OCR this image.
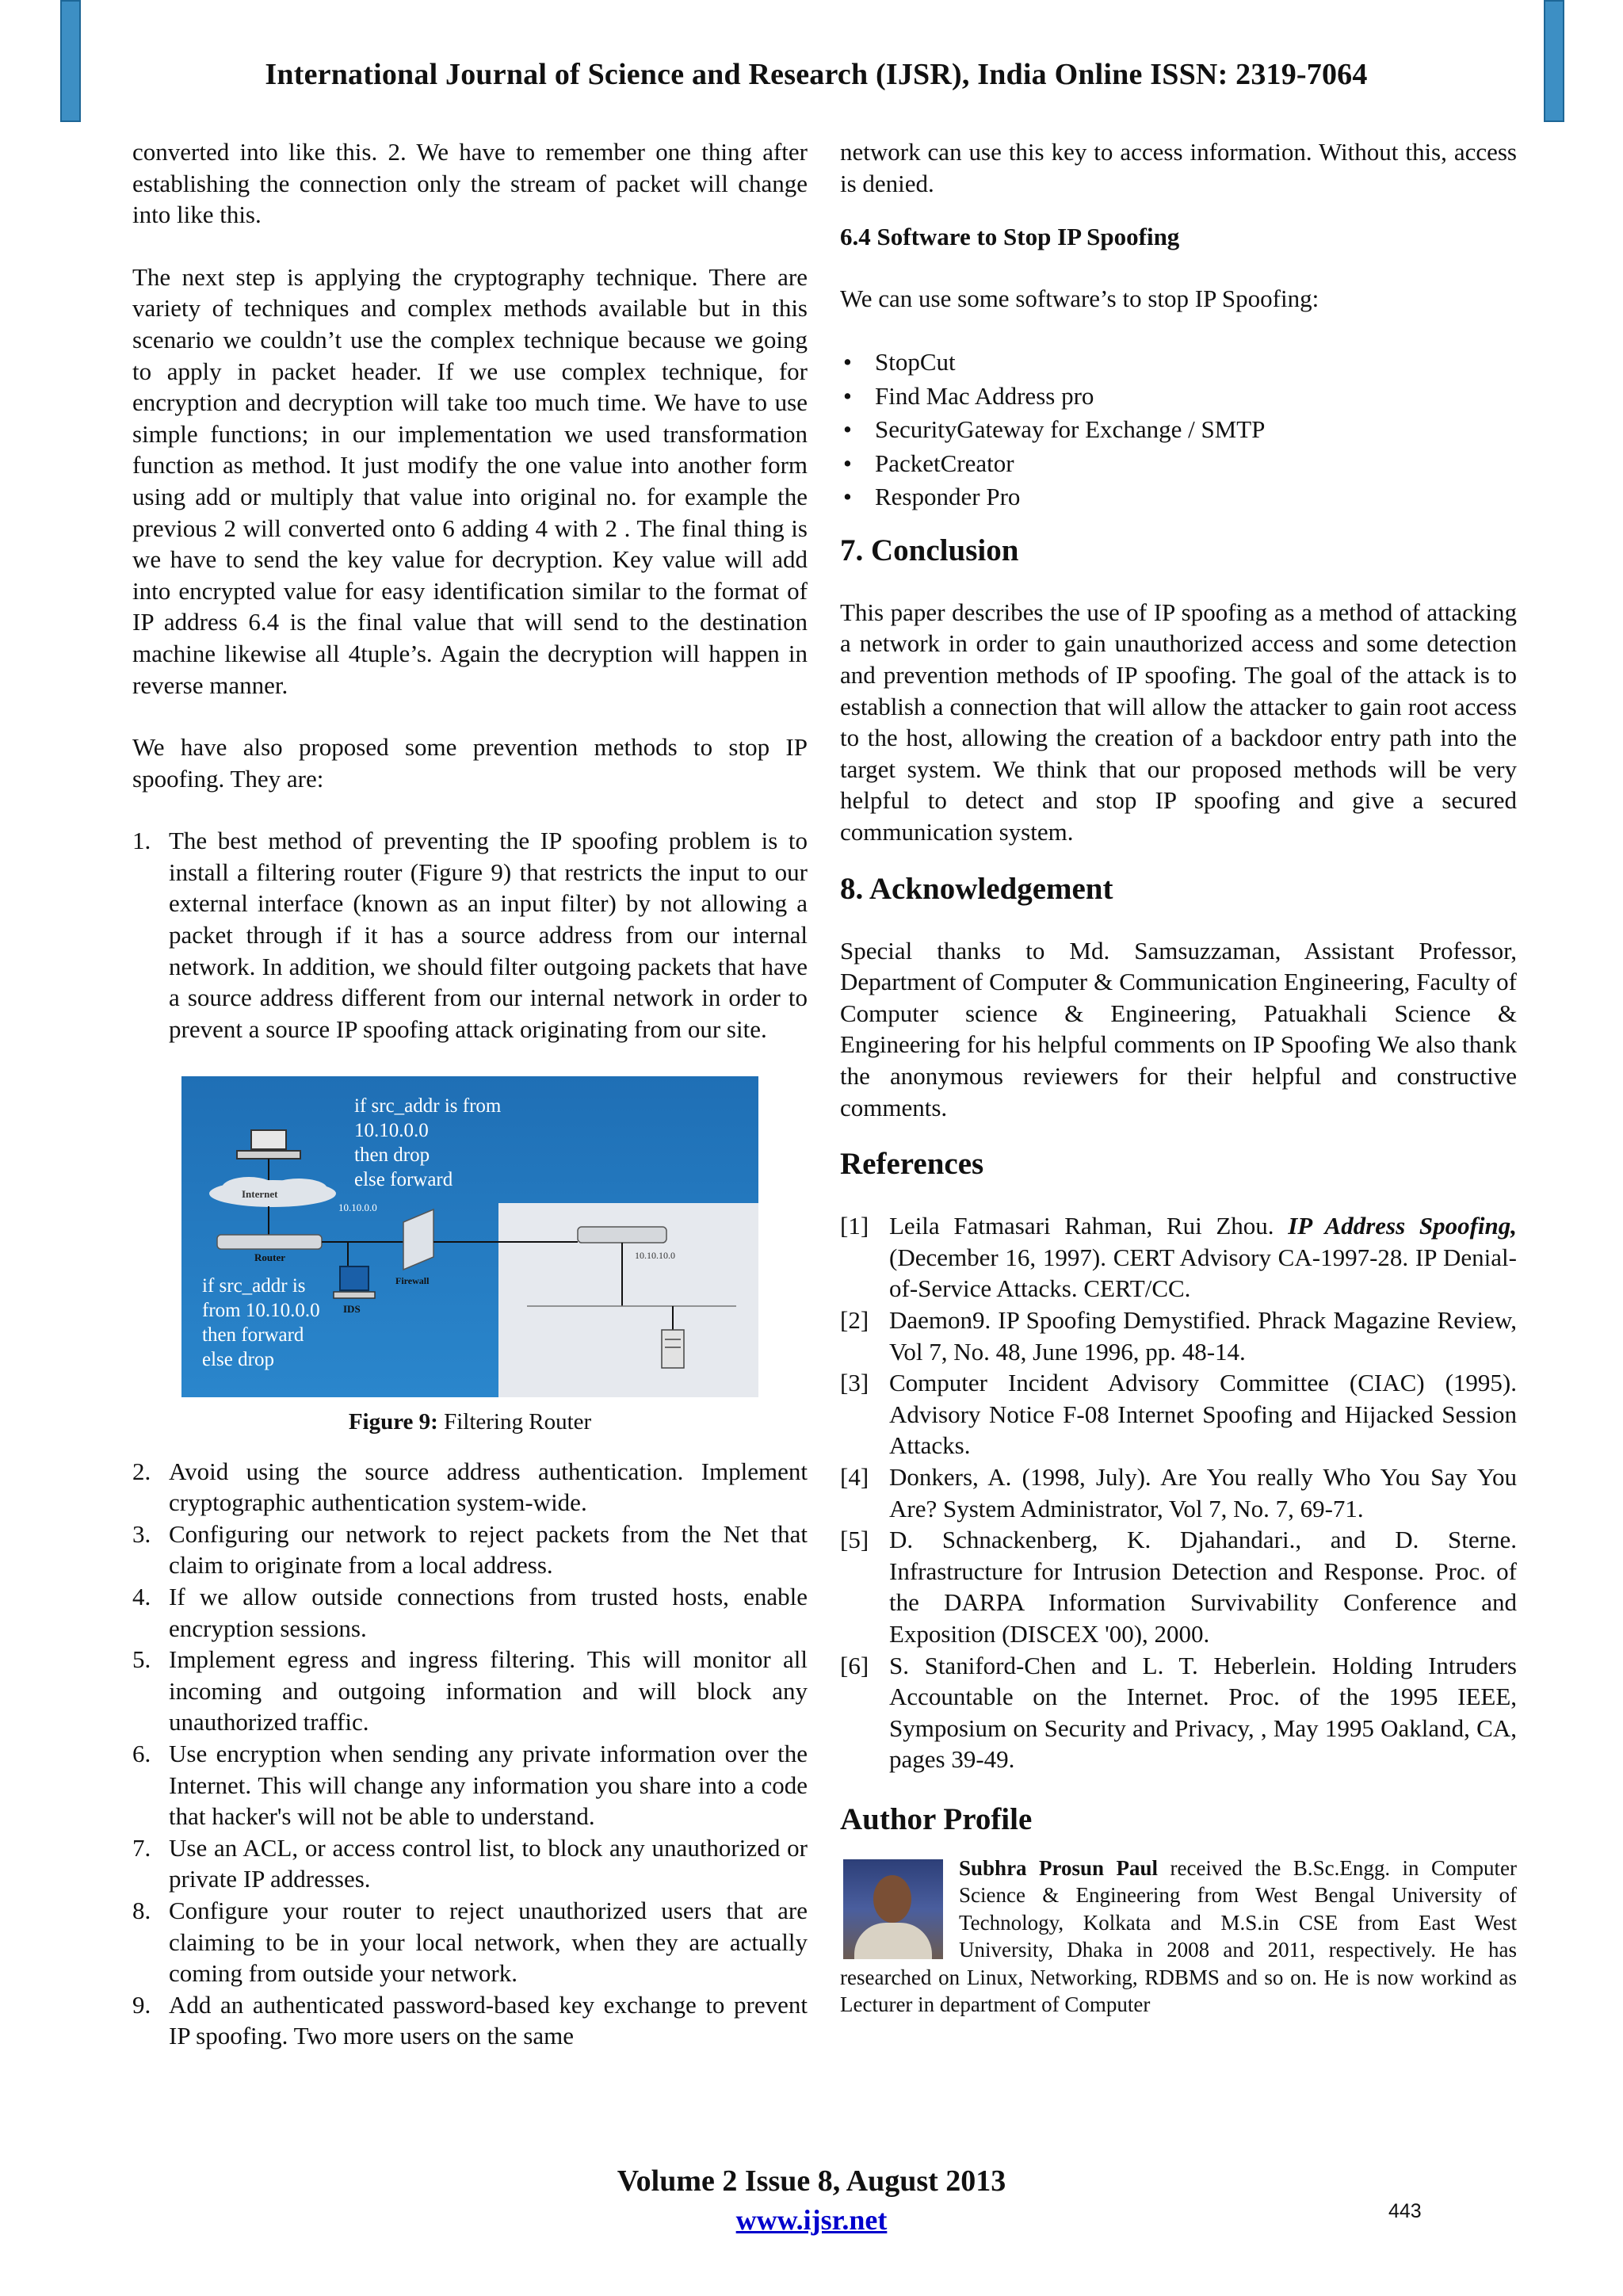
International Journal of Science and Research (IJSR), India Online ISSN: 2319-7064

converted into like this. 2. We have to remember one thing after establishing the connection only the stream of packet will change into like this.

The next step is applying the cryptography technique. There are variety of techniques and complex methods available but in this scenario we couldn’t use the complex technique because we going to apply in packet header. If we use complex technique, for encryption and decryption will take too much time. We have to use simple functions; in our implementation we used transformation function as method. It just modify the one value into another form using add or multiply that value into original no. for example the previous 2 will converted onto 6 adding 4 with 2 . The final thing is we have to send the key value for decryption. Key value will add into encrypted value for easy identification similar to the format of IP address 6.4 is the final value that will send to the destination machine likewise all 4tuple’s. Again the decryption will happen in reverse manner.

We have also proposed some prevention methods to stop IP spoofing. They are:

1. The best method of preventing the IP spoofing problem is to install a filtering router (Figure 9) that restricts the input to our external interface (known as an input filter) by not allowing a packet through if it has a source address from our internal network. In addition, we should filter outgoing packets that have a source address different from our internal network in order to prevent a source IP spoofing attack originating from our site.
if src_addr is from
10.10.0.0
then drop
else forward
if src_addr is
from 10.10.0.0
then forward
else drop
Internet
10.10.0.0
Router
IDS
Firewall
10.10.10.0
Figure 9: Filtering Router
2. Avoid using the source address authentication. Implement cryptographic authentication system-wide.
3. Configuring our network to reject packets from the Net that claim to originate from a local address.
4. If we allow outside connections from trusted hosts, enable encryption sessions.
5. Implement egress and ingress filtering. This will monitor all incoming and outgoing information and will block any unauthorized traffic.
6. Use encryption when sending any private information over the Internet. This will change any information you share into a code that hacker's will not be able to understand.
7. Use an ACL, or access control list, to block any unauthorized or private IP addresses.
8. Configure your router to reject unauthorized users that are claiming to be in your local network, when they are actually coming from outside your network.
9. Add an authenticated password-based key exchange to prevent IP spoofing. Two more users on the same

network can use this key to access information. Without this, access is denied.

6.4 Software to Stop IP Spoofing

We can use some software’s to stop IP Spoofing:

• StopCut
• Find Mac Address pro
• SecurityGateway for Exchange / SMTP
• PacketCreator
• Responder Pro
7. Conclusion

This paper describes the use of IP spoofing as a method of attacking a network in order to gain unauthorized access and some detection and prevention methods of IP spoofing. The goal of the attack is to establish a connection that will allow the attacker to gain root access to the host, allowing the creation of a backdoor entry path into the target system. We think that our proposed methods will be very helpful to detect and stop IP spoofing and give a secured communication system.

8. Acknowledgement

Special thanks to Md. Samsuzzaman, Assistant Professor, Department of Computer & Communication Engineering, Faculty of Computer science & Engineering, Patuakhali Science & Engineering for his helpful comments on IP Spoofing We also thank the anonymous reviewers for their helpful and constructive comments.

References
[1] Leila Fatmasari Rahman, Rui Zhou. IP Address Spoofing, (December 16, 1997). CERT Advisory CA-1997-28. IP Denial-of-Service Attacks. CERT/CC.
[2] Daemon9. IP Spoofing Demystified. Phrack Magazine Review, Vol 7, No. 48, June 1996, pp. 48-14.
[3] Computer Incident Advisory Committee (CIAC) (1995). Advisory Notice F-08 Internet Spoofing and Hijacked Session Attacks.
[4] Donkers, A. (1998, July). Are You really Who You Say You Are? System Administrator, Vol 7, No. 7, 69-71.
[5] D. Schnackenberg, K. Djahandari., and D. Sterne. Infrastructure for Intrusion Detection and Response. Proc. of the DARPA Information Survivability Conference and Exposition (DISCEX '00), 2000.
[6] S. Staniford-Chen and L. T. Heberlein. Holding Intruders Accountable on the Internet. Proc. of the 1995 IEEE, Symposium on Security and Privacy, , May 1995 Oakland, CA, pages 39-49.
Author Profile

Subhra Prosun Paul received the B.Sc.Engg. in Computer Science & Engineering from West Bengal University of Technology, Kolkata and M.S.in CSE from East West University, Dhaka in 2008 and 2011, respectively. He has researched on Linux, Networking, RDBMS and so on. He is now workind as Lecturer in department of Computer

Volume 2 Issue 8, August 2013
www.ijsr.net	443
